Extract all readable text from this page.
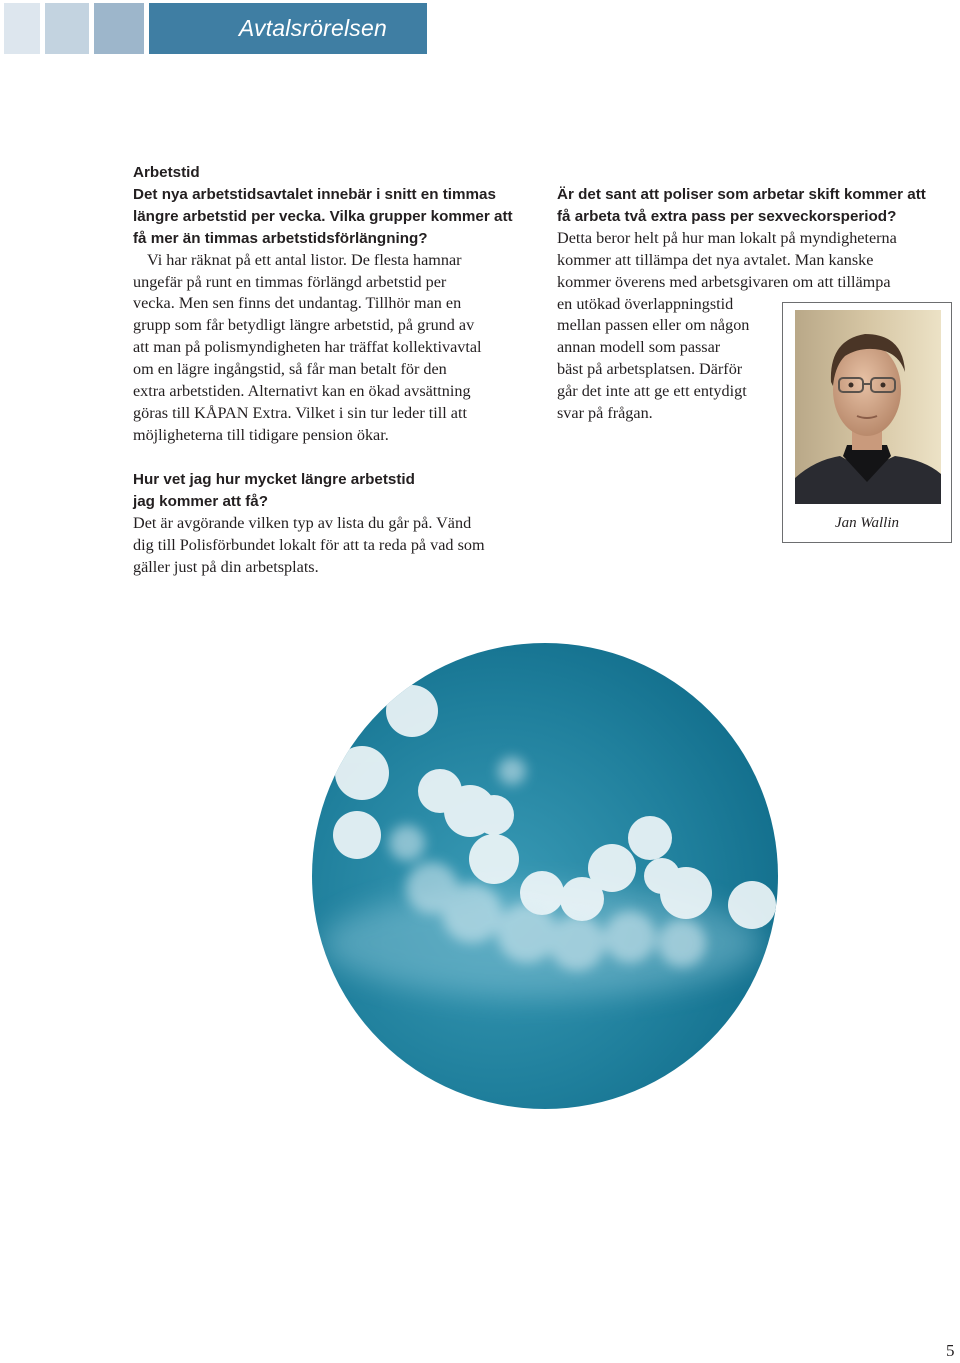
Avtalsrörelsen
Arbetstid
Det nya arbetstidsavtalet innebär i snitt en timmas
längre arbetstid per vecka. Vilka grupper kommer att
få mer än timmas arbetstidsförlängning?
Vi har räknat på ett antal listor. De flesta hamnar
ungefär på runt en timmas förlängd arbetstid per
vecka. Men sen finns det undantag. Tillhör man en
grupp som får betydligt längre arbetstid, på grund av
att man på polismyndigheten har träffat kollektivavtal
om en lägre ingångstid, så får man betalt för den
extra arbetstiden. Alternativt kan en ökad avsättning
göras till KÅPAN Extra. Vilket i sin tur leder till att
möjligheterna till tidigare pension ökar.
Hur vet jag hur mycket längre arbetstid
jag kommer att få?
Det är avgörande vilken typ av lista du går på. Vänd
dig till Polisförbundet lokalt för att ta reda på vad som
gäller just på din arbetsplats.
Är det sant att poliser som arbetar skift kommer att
få arbeta två extra pass per sexveckorsperiod?
Detta beror helt på hur man lokalt på myndigheterna
kommer att tillämpa det nya avtalet. Man kanske
kommer överens med arbetsgivaren om att tillämpa
en utökad överlappningstid
mellan passen eller om någon
annan modell som passar
bäst på arbetsplatsen. Därför
går det inte att ge ett entydigt
svar på frågan.
Jan Wallin
5
